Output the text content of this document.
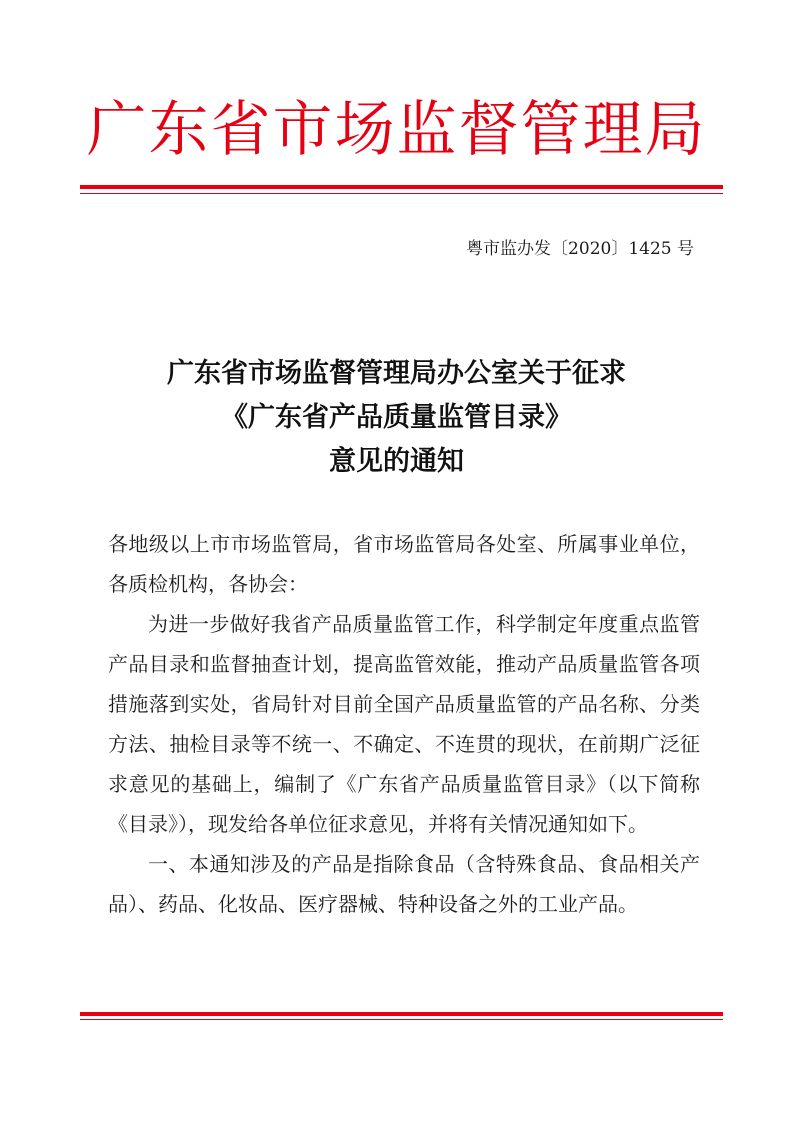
广东省市场监督管理局
粤市监办发〔2020〕1425 号
广东省市场监督管理局办公室关于征求
《广东省产品质量监管目录》
意见的通知

各地级以上市市场监管局，省市场监管局各处室、所属事业单位，各质检机构，各协会：

为进一步做好我省产品质量监管工作，科学制定年度重点监管产品目录和监督抽查计划，提高监管效能，推动产品质量监管各项措施落到实处，省局针对目前全国产品质量监管的产品名称、分类方法、抽检目录等不统一、不确定、不连贯的现状，在前期广泛征求意见的基础上，编制了《广东省产品质量监管目录》（以下简称《目录》），现发给各单位征求意见，并将有关情况通知如下。

一、本通知涉及的产品是指除食品（含特殊食品、食品相关产品）、药品、化妆品、医疗器械、特种设备之外的工业产品。
